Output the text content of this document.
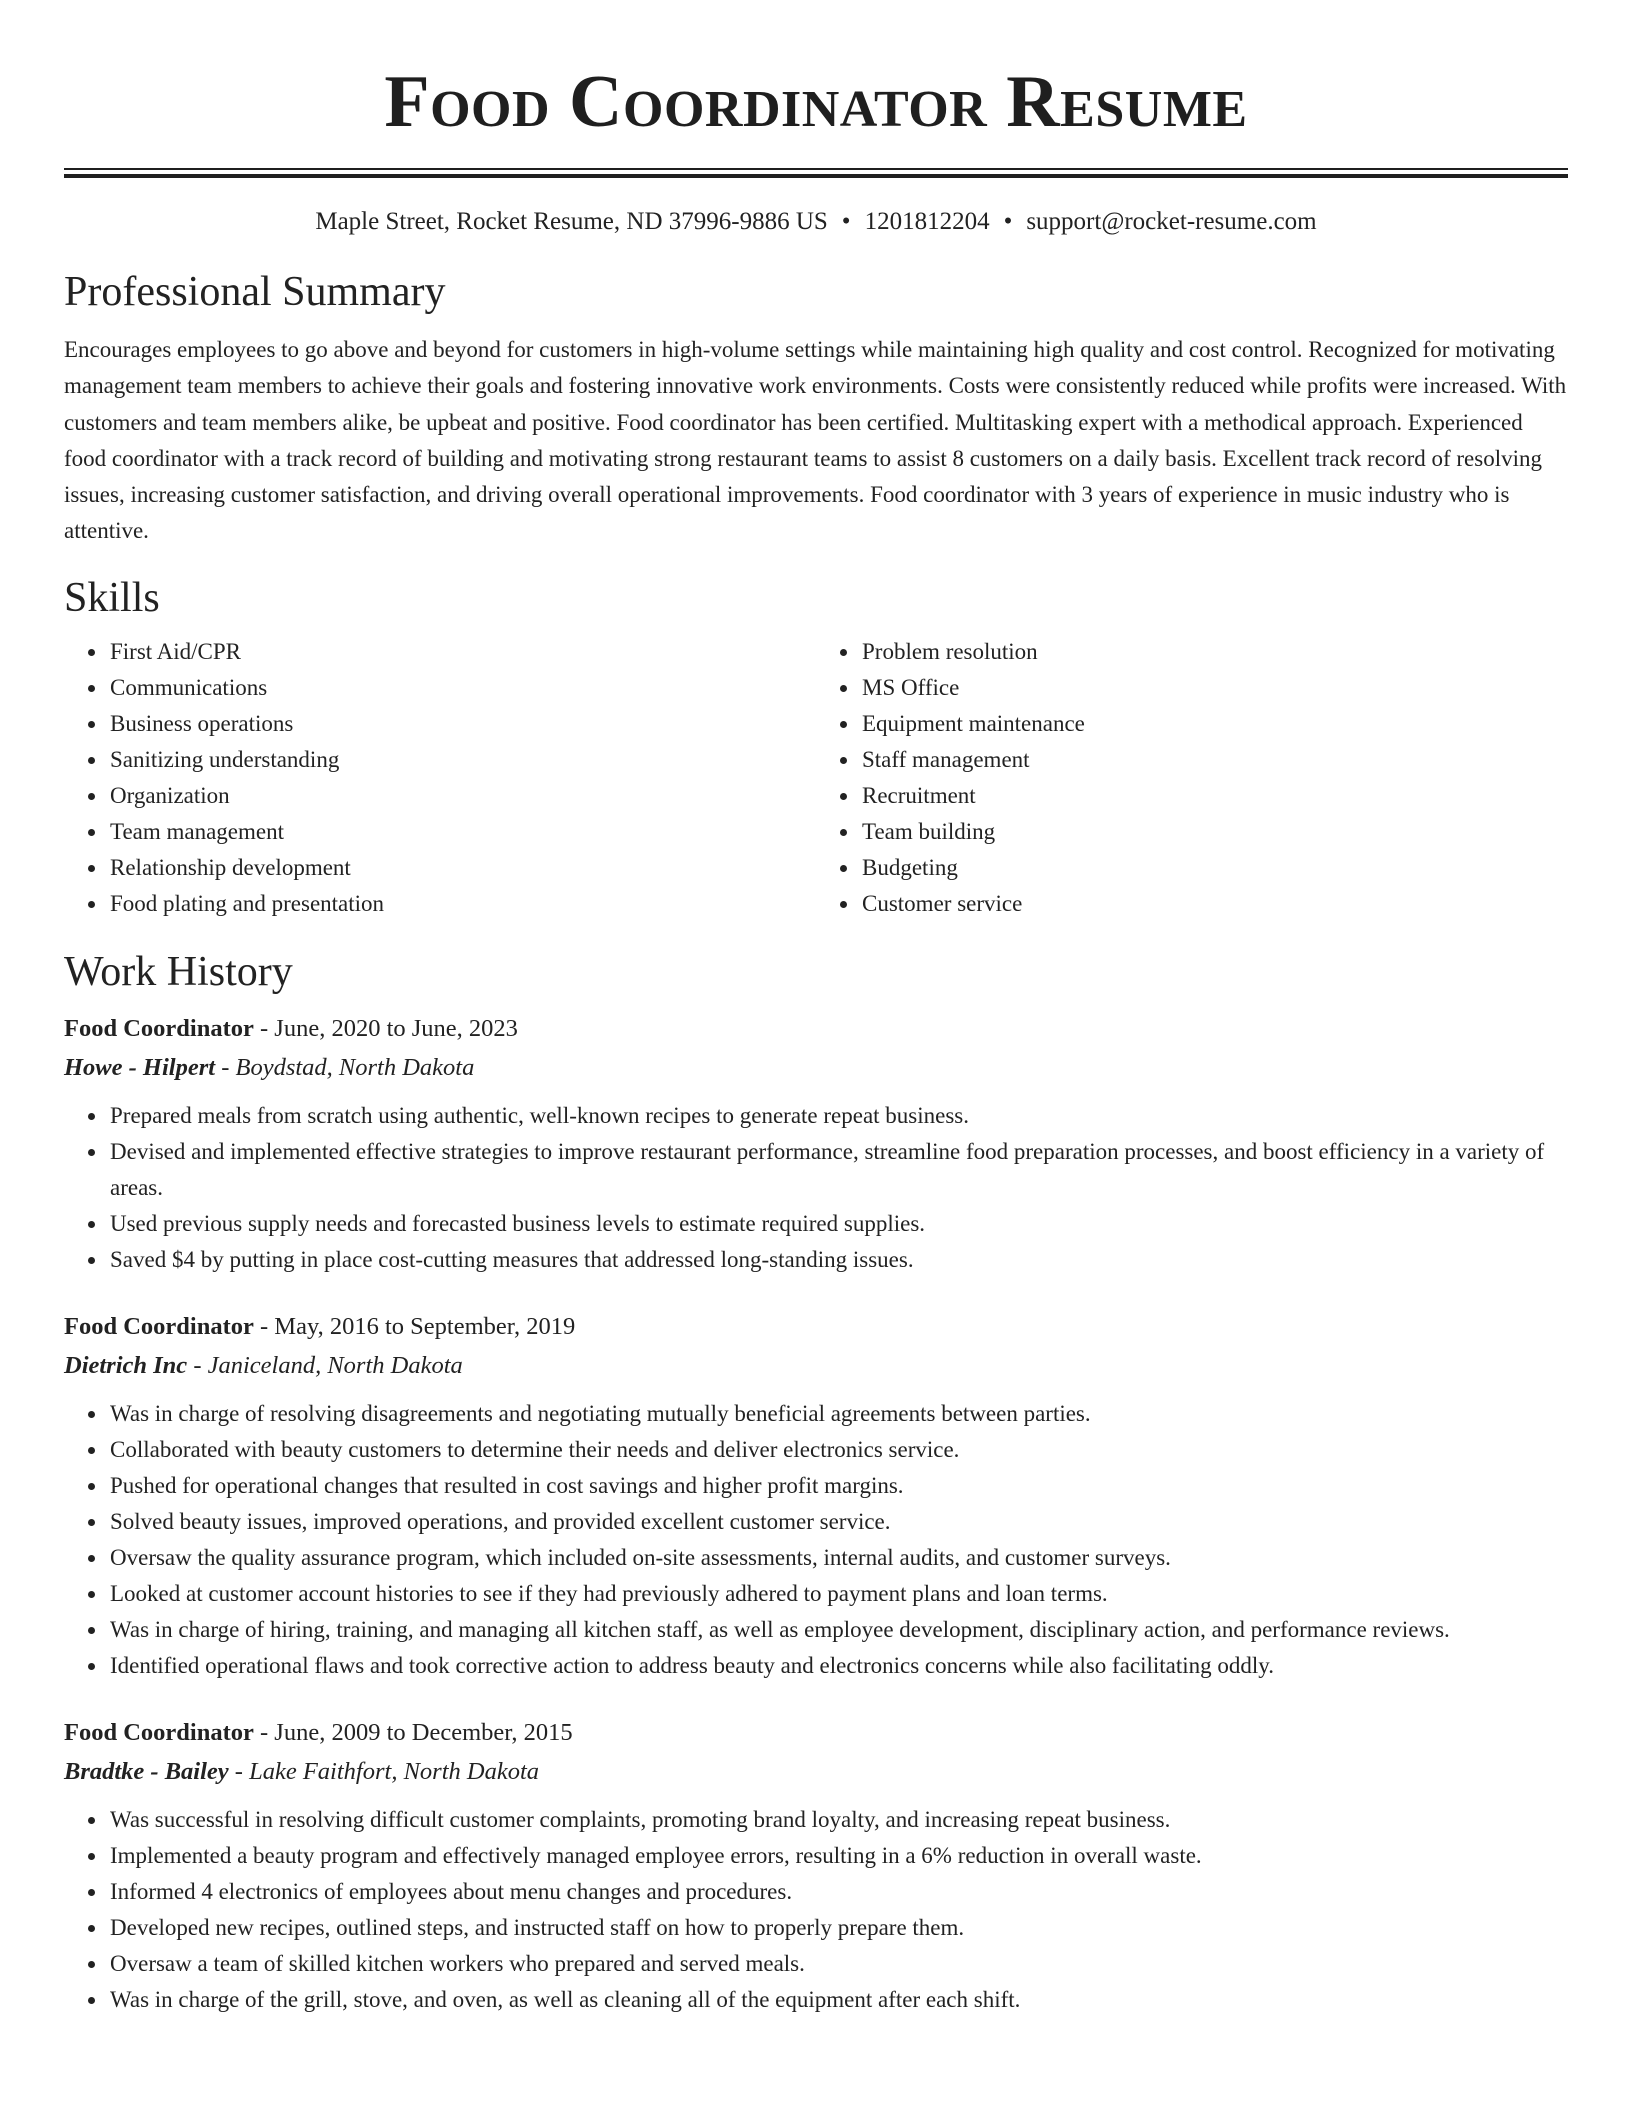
Food Coordinator Resume
Maple Street, Rocket Resume, ND 37996-9886 US • 1201812204 • support@rocket-resume.com
Professional Summary

Encourages employees to go above and beyond for customers in high-volume settings while maintaining high quality and cost control. Recognized for motivating management team members to achieve their goals and fostering innovative work environments. Costs were consistently reduced while profits were increased. With customers and team members alike, be upbeat and positive. Food coordinator has been certified. Multitasking expert with a methodical approach. Experienced food coordinator with a track record of building and motivating strong restaurant teams to assist 8 customers on a daily basis. Excellent track record of resolving issues, increasing customer satisfaction, and driving overall operational improvements. Food coordinator with 3 years of experience in music industry who is attentive.

Skills
• First Aid/CPR
• Communications
• Business operations
• Sanitizing understanding
• Organization
• Team management
• Relationship development
• Food plating and presentation
• Problem resolution
• MS Office
• Equipment maintenance
• Staff management
• Recruitment
• Team building
• Budgeting
• Customer service
Work History
Food Coordinator - June, 2020 to June, 2023
Howe - Hilpert - Boydstad, North Dakota
• Prepared meals from scratch using authentic, well-known recipes to generate repeat business.
• Devised and implemented effective strategies to improve restaurant performance, streamline food preparation processes, and boost efficiency in a variety of areas.
• Used previous supply needs and forecasted business levels to estimate required supplies.
• Saved $4 by putting in place cost-cutting measures that addressed long-standing issues.
Food Coordinator - May, 2016 to September, 2019
Dietrich Inc - Janiceland, North Dakota
• Was in charge of resolving disagreements and negotiating mutually beneficial agreements between parties.
• Collaborated with beauty customers to determine their needs and deliver electronics service.
• Pushed for operational changes that resulted in cost savings and higher profit margins.
• Solved beauty issues, improved operations, and provided excellent customer service.
• Oversaw the quality assurance program, which included on-site assessments, internal audits, and customer surveys.
• Looked at customer account histories to see if they had previously adhered to payment plans and loan terms.
• Was in charge of hiring, training, and managing all kitchen staff, as well as employee development, disciplinary action, and performance reviews.
• Identified operational flaws and took corrective action to address beauty and electronics concerns while also facilitating oddly.
Food Coordinator - June, 2009 to December, 2015
Bradtke - Bailey - Lake Faithfort, North Dakota
• Was successful in resolving difficult customer complaints, promoting brand loyalty, and increasing repeat business.
• Implemented a beauty program and effectively managed employee errors, resulting in a 6% reduction in overall waste.
• Informed 4 electronics of employees about menu changes and procedures.
• Developed new recipes, outlined steps, and instructed staff on how to properly prepare them.
• Oversaw a team of skilled kitchen workers who prepared and served meals.
• Was in charge of the grill, stove, and oven, as well as cleaning all of the equipment after each shift.
